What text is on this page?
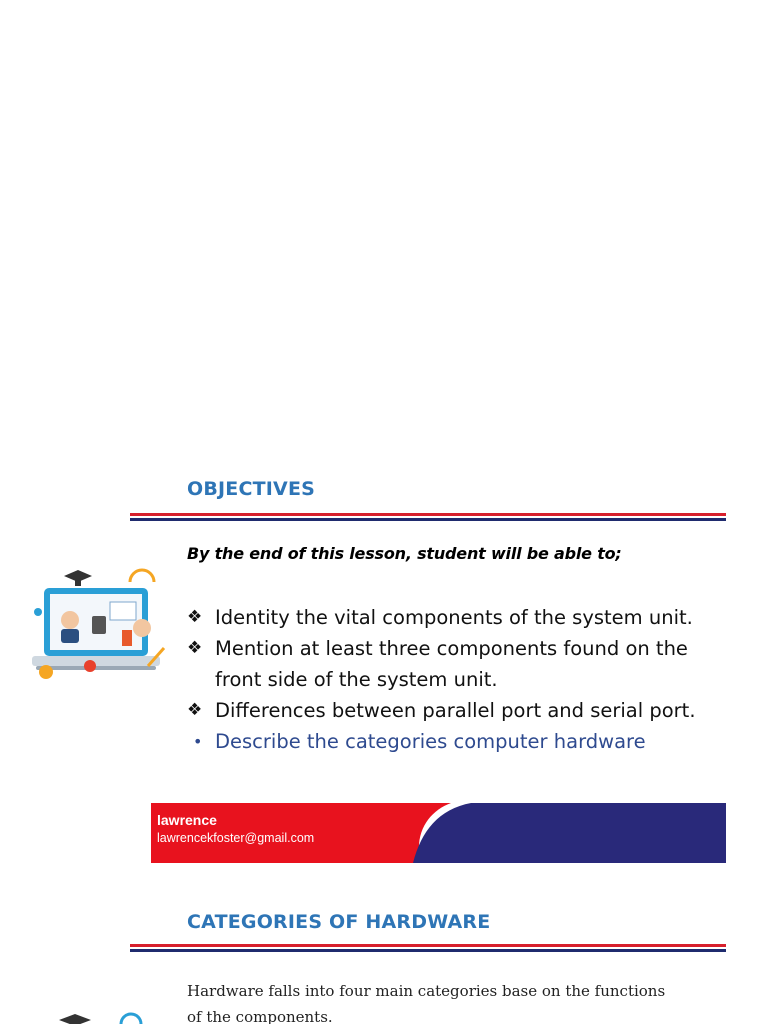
OBJECTIVES
By the end of this lesson, student will be able to;
❖ Identity the vital components of the system unit.
❖ Mention at least three components found on the front side of the system unit.
❖ Differences between parallel port and serial port.
• Describe the categories computer hardware
lawrence
lawrencekfoster@gmail.com
CATEGORIES OF HARDWARE
Hardware falls into four main categories base on the functions of the components.
